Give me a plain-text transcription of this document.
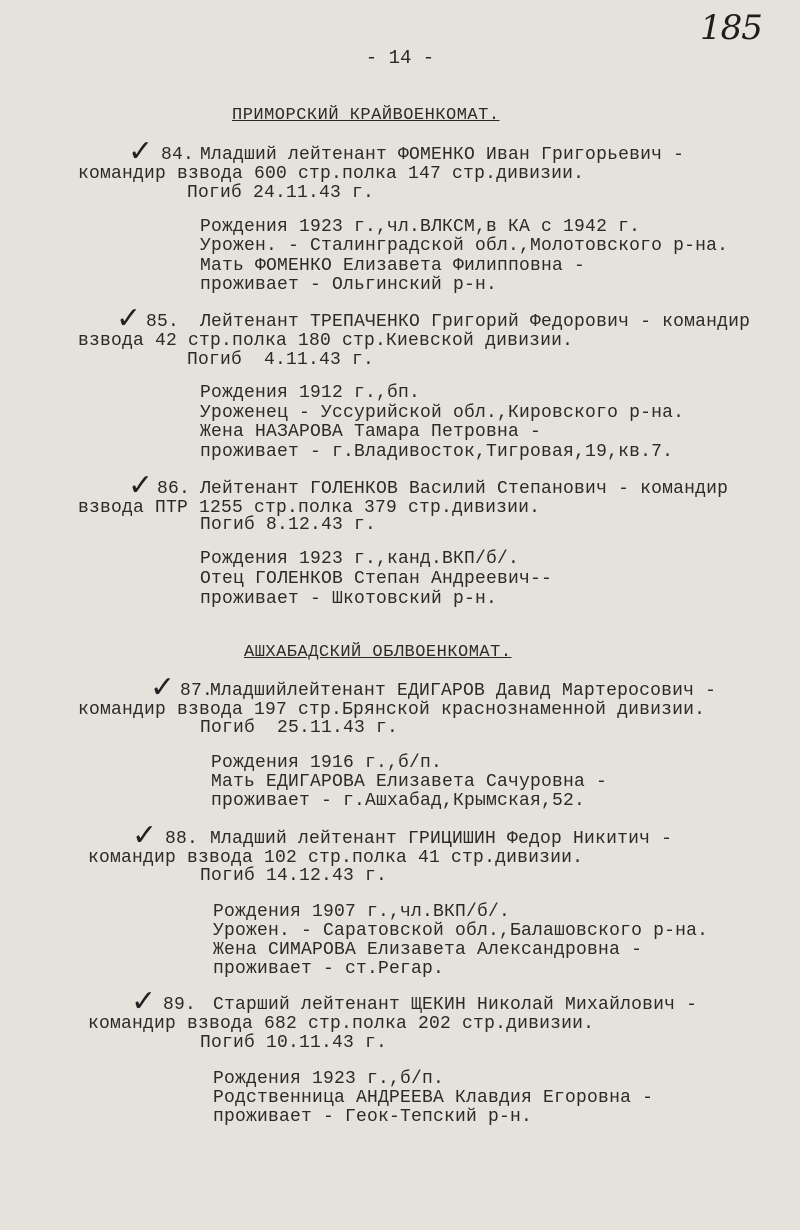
185
- 14 -
ПРИМОРСКИЙ КРАЙВОЕНКОМАТ.
✓ 84. Младший лейтенант ФОМЕНКО Иван Григорьевич -
командир взвода 600 стр.полка 147 стр.дивизии.
Погиб 24.11.43 г.
Рождения 1923 г.,чл.ВЛКСМ,в КА с 1942 г.
Урожен. - Сталинградской обл.,Молотовского р-на.
Мать ФОМЕНКО Елизавета Филипповна -
проживает - Ольгинский р-н.
✓ 85. Лейтенант ТРЕПАЧЕНКО Григорий Федорович - командир
взвода 42 стр.полка 180 стр.Киевской дивизии.
Погиб  4.11.43 г.
Рождения 1912 г.,бп.
Уроженец - Уссурийской обл.,Кировского р-на.
Жена НАЗАРОВА Тамара Петровна -
проживает - г.Владивосток,Тигровая,19,кв.7.
✓ 86. Лейтенант ГОЛЕНКОВ Василий Степанович - командир
взвода ПТР 1255 стр.полка 379 стр.дивизии.
Погиб 8.12.43 г.
Рождения 1923 г.,канд.ВКП/б/.
Отец ГОЛЕНКОВ Степан Андреевич--
проживает - Шкотовский р-н.
АШХАБАДСКИЙ ОБЛВОЕНКОМАТ.
✓ 87.
Младшийлейтенант ЕДИГАРОВ Давид Мартеросович -
командир взвода 197 стр.Брянской краснознаменной дивизии.
Погиб  25.11.43 г.
Рождения 1916 г.,б/п.
Мать ЕДИГАРОВА Елизавета Сачуровна -
проживает - г.Ашхабад,Крымская,52.
✓ 88. Младший лейтенант ГРИЦИШИН Федор Никитич -
командир взвода 102 стр.полка 41 стр.дивизии.
Погиб 14.12.43 г.
Рождения 1907 г.,чл.ВКП/б/.
Урожен. - Саратовской обл.,Балашовского р-на.
Жена СИМАРОВА Елизавета Александровна -
проживает - ст.Регар.
✓ 89. Старший лейтенант ЩЕКИН Николай Михайлович -
командир взвода 682 стр.полка 202 стр.дивизии.
Погиб 10.11.43 г.
Рождения 1923 г.,б/п.
Родственница АНДРЕЕВА Клавдия Егоровна -
проживает - Геок-Тепский р-н.
